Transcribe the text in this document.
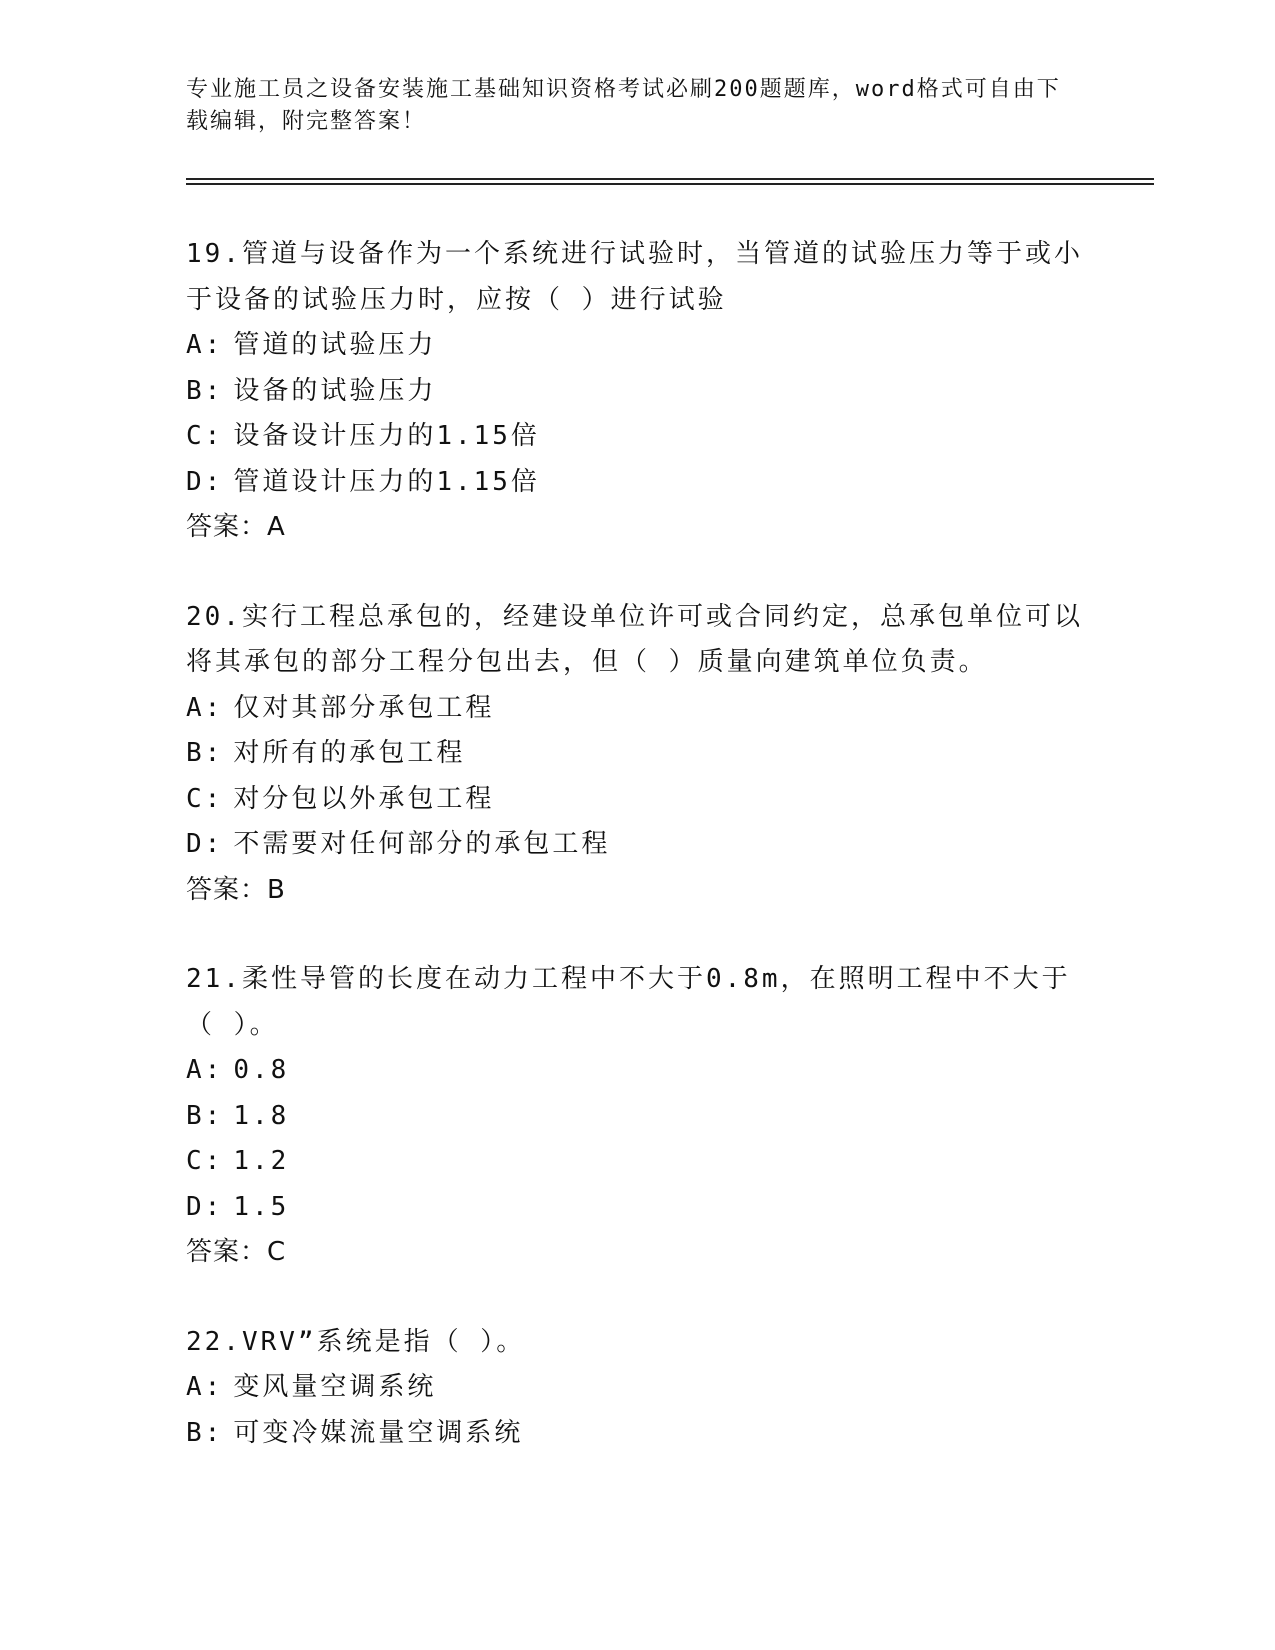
专业施工员之设备安装施工基础知识资格考试必刷200题题库，word格式可自由下载编辑，附完整答案！

19.管道与设备作为一个系统进行试验时，当管道的试验压力等于或小于设备的试验压力时，应按（ ）进行试验

A: 管道的试验压力
B: 设备的试验压力
C: 设备设计压力的1.15倍
D: 管道设计压力的1.15倍

答案：A

20.实行工程总承包的，经建设单位许可或合同约定，总承包单位可以将其承包的部分工程分包出去，但（ ）质量向建筑单位负责。

A: 仅对其部分承包工程
B: 对所有的承包工程
C: 对分包以外承包工程
D: 不需要对任何部分的承包工程

答案：B

21.柔性导管的长度在动力工程中不大于0.8m，在照明工程中不大于（ ）。

A: 0.8
B: 1.8
C: 1.2
D: 1.5

答案：C

22.VRV”系统是指（ ）。

A: 变风量空调系统
B: 可变冷媒流量空调系统
